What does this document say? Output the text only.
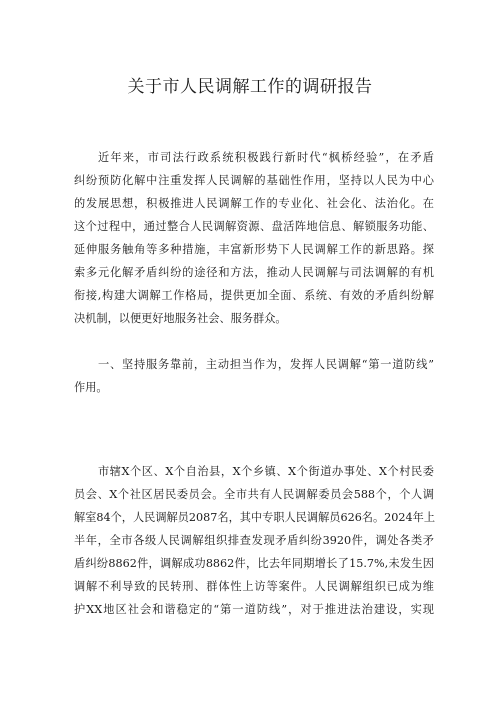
关于市人民调解工作的调研报告
近年来，市司法行政系统积极践行新时代“枫桥经验”，在矛盾
纠纷预防化解中注重发挥人民调解的基础性作用，坚持以人民为中心
的发展思想，积极推进人民调解工作的专业化、社会化、法治化。在
这个过程中，通过整合人民调解资源、盘活阵地信息、解锁服务功能、
延伸服务触角等多种措施，丰富新形势下人民调解工作的新思路。探
索多元化解矛盾纠纷的途径和方法，推动人民调解与司法调解的有机
衔接,构建大调解工作格局，提供更加全面、系统、有效的矛盾纠纷解
决机制，以便更好地服务社会、服务群众。
一、坚持服务靠前，主动担当作为，发挥人民调解“第一道防线”
作用。
市辖X个区、X个自治县，X个乡镇、X个街道办事处、X个村民委
员会、X个社区居民委员会。全市共有人民调解委员会588个，个人调
解室84个，人民调解员2087名，其中专职人民调解员626名。2024年上
半年，全市各级人民调解组织排查发现矛盾纠纷3920件，调处各类矛
盾纠纷8862件，调解成功8862件，比去年同期增长了15.7%,未发生因
调解不利导致的民转刑、群体性上访等案件。人民调解组织已成为维
护XX地区社会和谐稳定的“第一道防线”，对于推进法治建设，实现
